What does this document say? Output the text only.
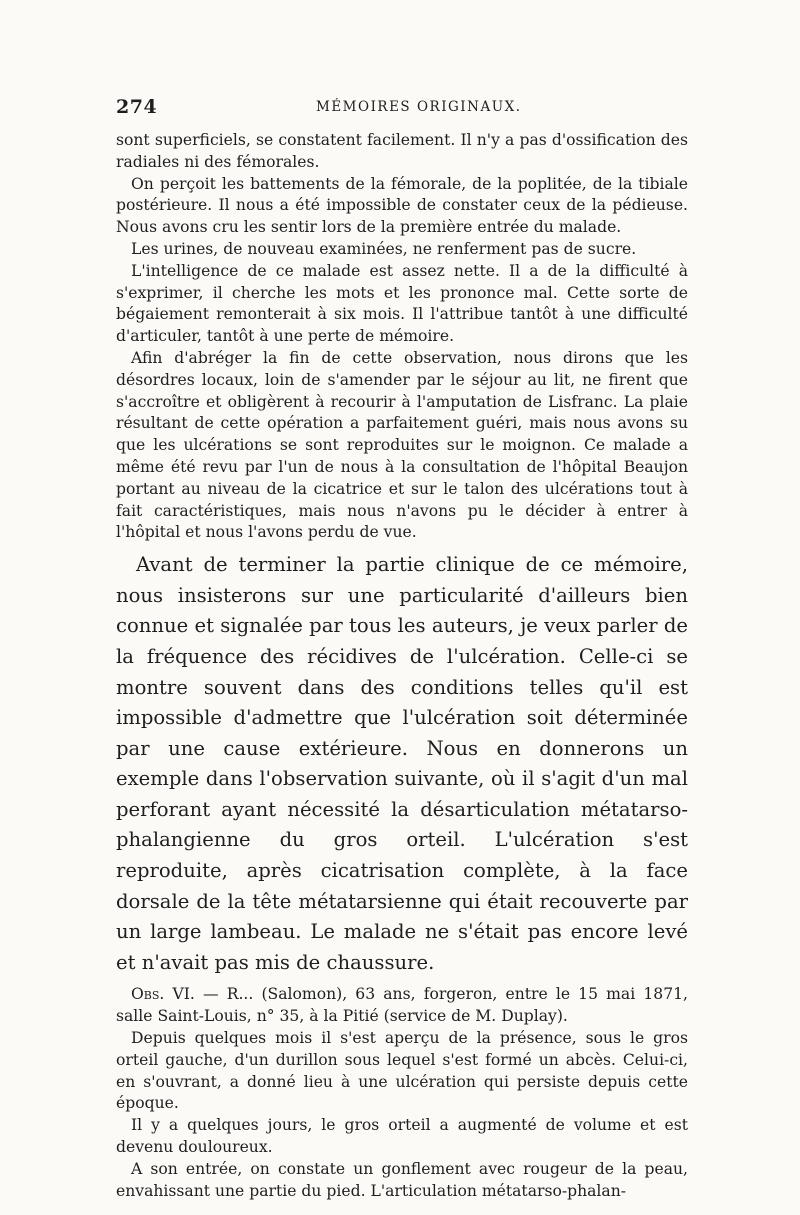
274	MÉMOIRES ORIGINAUX.

sont superficiels, se constatent facilement. Il n'y a pas d'ossification des radiales ni des fémorales.

On perçoit les battements de la fémorale, de la poplitée, de la tibiale postérieure. Il nous a été impossible de constater ceux de la pédieuse. Nous avons cru les sentir lors de la première entrée du malade.

Les urines, de nouveau examinées, ne renferment pas de sucre.

L'intelligence de ce malade est assez nette. Il a de la difficulté à s'exprimer, il cherche les mots et les prononce mal. Cette sorte de bégaiement remonterait à six mois. Il l'attribue tantôt à une difficulté d'articuler, tantôt à une perte de mémoire.

Afin d'abréger la fin de cette observation, nous dirons que les désordres locaux, loin de s'amender par le séjour au lit, ne firent que s'accroître et obligèrent à recourir à l'amputation de Lisfranc. La plaie résultant de cette opération a parfaitement guéri, mais nous avons su que les ulcérations se sont reproduites sur le moignon. Ce malade a même été revu par l'un de nous à la consultation de l'hôpital Beaujon portant au niveau de la cicatrice et sur le talon des ulcérations tout à fait caractéristiques, mais nous n'avons pu le décider à entrer à l'hôpital et nous l'avons perdu de vue.

Avant de terminer la partie clinique de ce mémoire, nous insisterons sur une particularité d'ailleurs bien connue et signalée par tous les auteurs, je veux parler de la fréquence des récidives de l'ulcération. Celle-ci se montre souvent dans des conditions telles qu'il est impossible d'admettre que l'ulcération soit déterminée par une cause extérieure. Nous en donnerons un exemple dans l'observation suivante, où il s'agit d'un mal perforant ayant nécessité la désarticulation métatarso-phalangienne du gros orteil. L'ulcération s'est reproduite, après cicatrisation complète, à la face dorsale de la tête métatarsienne qui était recouverte par un large lambeau. Le malade ne s'était pas encore levé et n'avait pas mis de chaussure.

Obs. VI. — R... (Salomon), 63 ans, forgeron, entre le 15 mai 1871, salle Saint-Louis, n° 35, à la Pitié (service de M. Duplay).

Depuis quelques mois il s'est aperçu de la présence, sous le gros orteil gauche, d'un durillon sous lequel s'est formé un abcès. Celui-ci, en s'ouvrant, a donné lieu à une ulcération qui persiste depuis cette époque.

Il y a quelques jours, le gros orteil a augmenté de volume et est devenu douloureux.

A son entrée, on constate un gonflement avec rougeur de la peau, envahissant une partie du pied. L'articulation métatarso-phalan-
